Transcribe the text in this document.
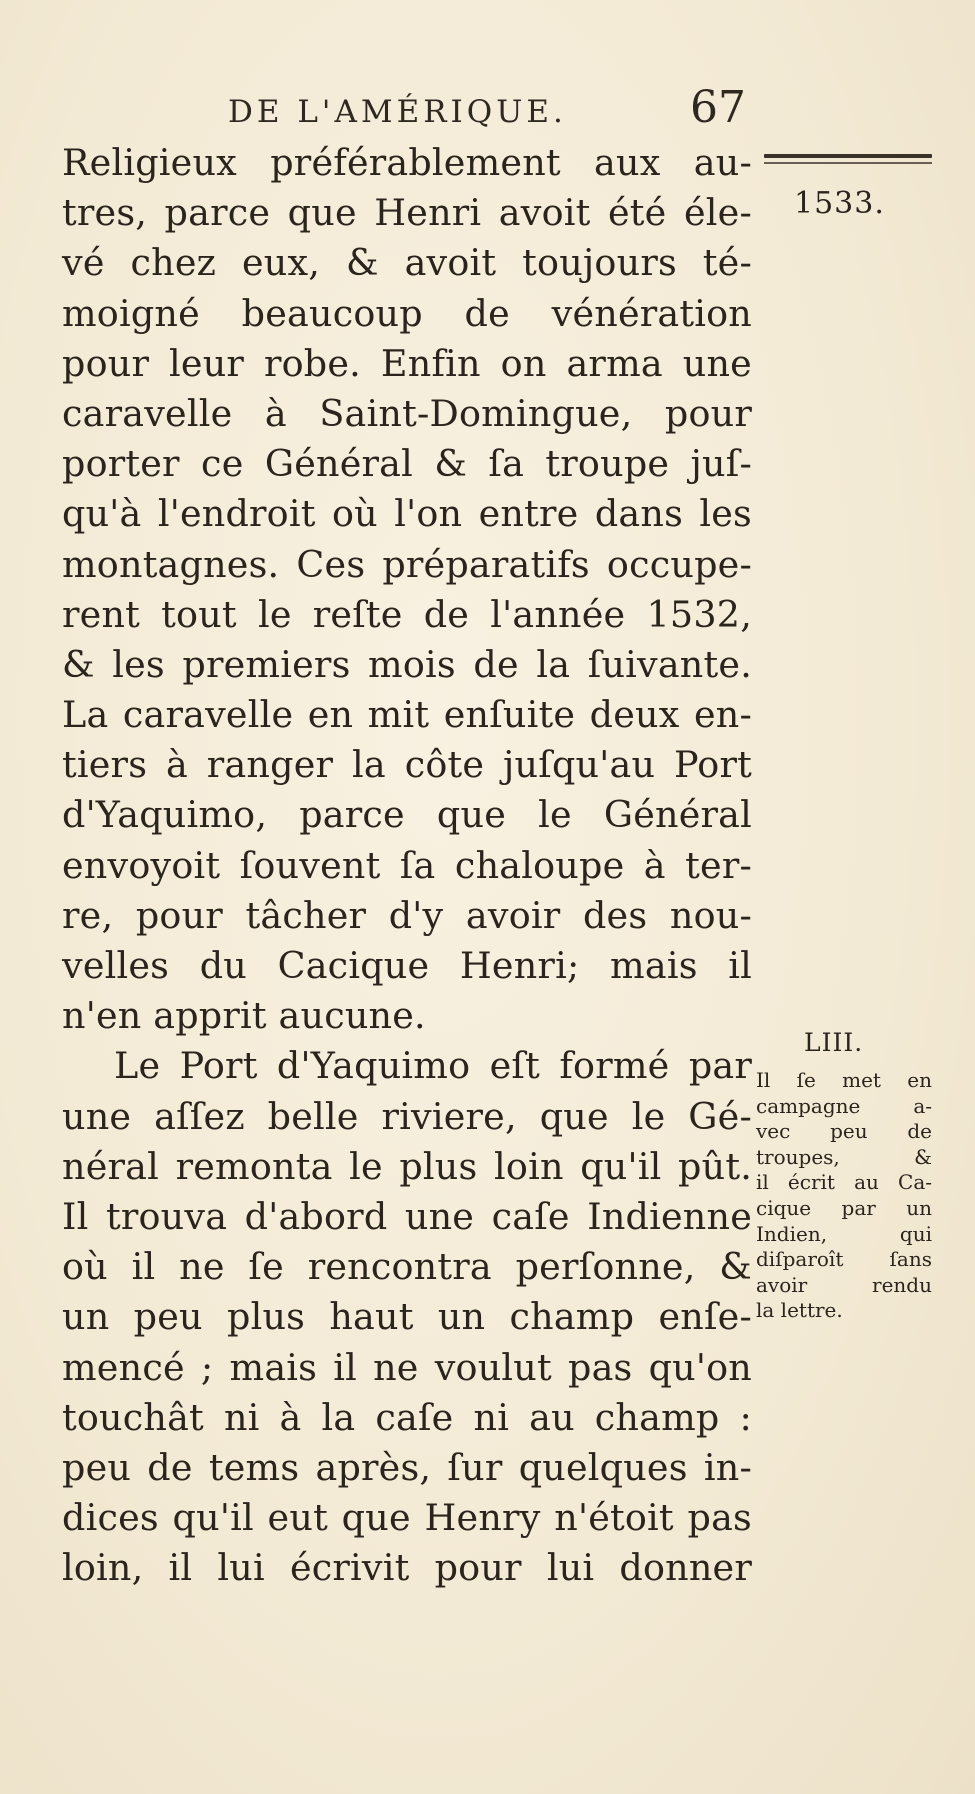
DE L'AMÉRIQUE.	67
Religieux préférablement aux au-
tres, parce que Henri avoit été éle-
vé chez eux, & avoit toujours té-
moigné beaucoup de vénération
pour leur robe. Enfin on arma une
caravelle à Saint-Domingue, pour
porter ce Général & ſa troupe juſ-
qu'à l'endroit où l'on entre dans les
montagnes. Ces préparatifs occupe-
rent tout le reſte de l'année 1532,
& les premiers mois de la ſuivante.
La caravelle en mit enſuite deux en-
tiers à ranger la côte juſqu'au Port
d'Yaquimo, parce que le Général
envoyoit ſouvent ſa chaloupe à ter-
re, pour tâcher d'y avoir des nou-
velles du Cacique Henri; mais il
n'en apprit aucune.
Le Port d'Yaquimo eſt formé par
une aſſez belle riviere, que le Gé-
néral remonta le plus loin qu'il pût.
Il trouva d'abord une caſe Indienne
où il ne ſe rencontra perſonne, &
un peu plus haut un champ enſe-
mencé ; mais il ne voulut pas qu'on
touchât ni à la caſe ni au champ :
peu de tems après, ſur quelques in-
dices qu'il eut que Henry n'étoit pas
loin, il lui écrivit pour lui donner
1533.
LIII.
Il ſe met en
campagne a-
vec peu de
troupes, &
il écrit au Ca-
cique par un
Indien, qui
diſparoît ſans
avoir rendu
la lettre.
